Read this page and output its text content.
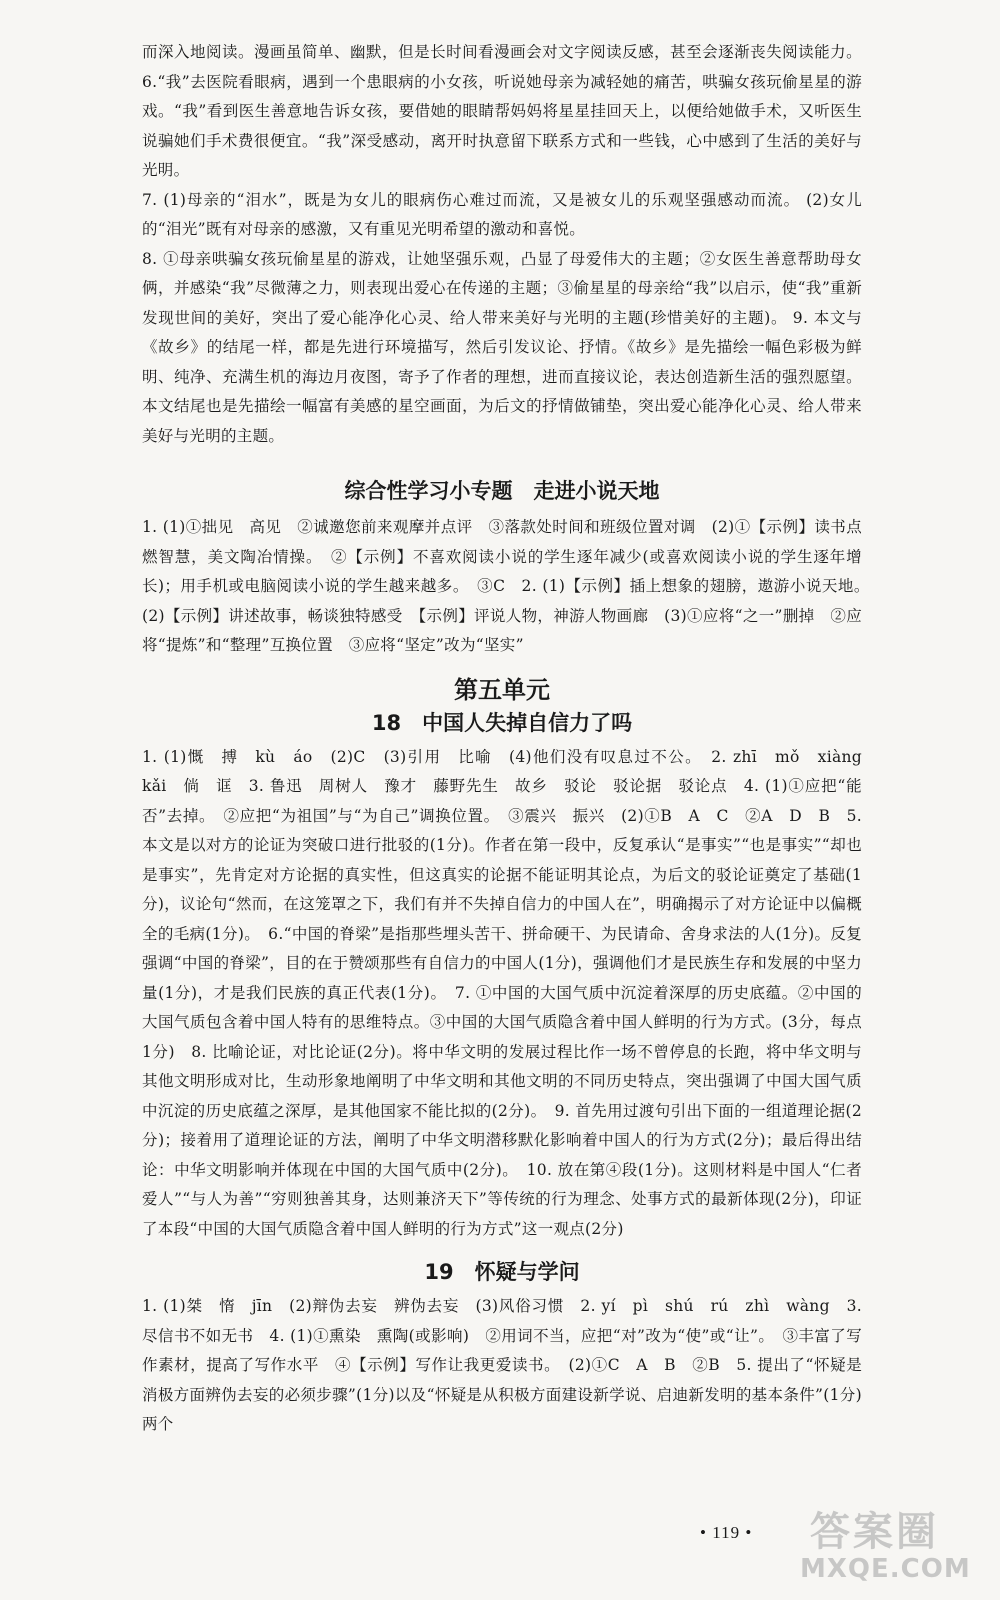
而深入地阅读。漫画虽简单、幽默，但是长时间看漫画会对文字阅读反感，甚至会逐渐丧失阅读能力。 6.“我”去医院看眼病，遇到一个患眼病的小女孩，听说她母亲为减轻她的痛苦，哄骗女孩玩偷星星的游戏。“我”看到医生善意地告诉女孩，要借她的眼睛帮妈妈将星星挂回天上，以便给她做手术，又听医生说骗她们手术费很便宜。“我”深受感动，离开时执意留下联系方式和一些钱，心中感到了生活的美好与光明。

7. (1)母亲的“泪水”，既是为女儿的眼病伤心难过而流，又是被女儿的乐观坚强感动而流。 (2)女儿的“泪光”既有对母亲的感激，又有重见光明希望的激动和喜悦。

8. ①母亲哄骗女孩玩偷星星的游戏，让她坚强乐观，凸显了母爱伟大的主题；②女医生善意帮助母女俩，并感染“我”尽微薄之力，则表现出爱心在传递的主题；③偷星星的母亲给“我”以启示，使“我”重新发现世间的美好，突出了爱心能净化心灵、给人带来美好与光明的主题(珍惜美好的主题)。 9. 本文与《故乡》的结尾一样，都是先进行环境描写，然后引发议论、抒情。《故乡》是先描绘一幅色彩极为鲜明、纯净、充满生机的海边月夜图，寄予了作者的理想，进而直接议论，表达创造新生活的强烈愿望。本文结尾也是先描绘一幅富有美感的星空画面，为后文的抒情做铺垫，突出爱心能净化心灵、给人带来美好与光明的主题。

综合性学习小专题　走进小说天地

1. (1)①拙见　高见　②诚邀您前来观摩并点评　③落款处时间和班级位置对调　(2)①【示例】读书点燃智慧，美文陶冶情操。　②【示例】不喜欢阅读小说的学生逐年减少(或喜欢阅读小说的学生逐年增长)；用手机或电脑阅读小说的学生越来越多。　③C　2. (1)【示例】插上想象的翅膀，遨游小说天地。　(2)【示例】讲述故事，畅谈独特感受　【示例】评说人物，神游人物画廊　(3)①应将“之一”删掉　②应将“提炼”和“整理”互换位置　③应将“坚定”改为“坚实”

第五单元
18　中国人失掉自信力了吗

1. (1)慨　搏　kù　áo　(2)C　(3)引用　比喻　(4)他们没有叹息过不公。　2. zhī　mǒ　xiàng　kǎi　倘　诓　3. 鲁迅　周树人　豫才　藤野先生　故乡　驳论　驳论据　驳论点　4. (1)①应把“能否”去掉。　②应把“为祖国”与“为自己”调换位置。　③震兴　振兴　(2)①B　A　C　②A　D　B　5. 本文是以对方的论证为突破口进行批驳的(1分)。作者在第一段中，反复承认“是事实”“也是事实”“却也是事实”，先肯定对方论据的真实性，但这真实的论据不能证明其论点，为后文的驳论证奠定了基础(1分)，议论句“然而，在这笼罩之下，我们有并不失掉自信力的中国人在”，明确揭示了对方论证中以偏概全的毛病(1分)。　6.“中国的脊梁”是指那些埋头苦干、拼命硬干、为民请命、舍身求法的人(1分)。反复强调“中国的脊梁”，目的在于赞颂那些有自信力的中国人(1分)，强调他们才是民族生存和发展的中坚力量(1分)，才是我们民族的真正代表(1分)。　7. ①中国的大国气质中沉淀着深厚的历史底蕴。②中国的大国气质包含着中国人特有的思维特点。③中国的大国气质隐含着中国人鲜明的行为方式。(3分，每点1分)　8. 比喻论证，对比论证(2分)。将中华文明的发展过程比作一场不曾停息的长跑，将中华文明与其他文明形成对比，生动形象地阐明了中华文明和其他文明的不同历史特点，突出强调了中国大国气质中沉淀的历史底蕴之深厚，是其他国家不能比拟的(2分)。　9. 首先用过渡句引出下面的一组道理论据(2分)；接着用了道理论证的方法，阐明了中华文明潜移默化影响着中国人的行为方式(2分)；最后得出结论：中华文明影响并体现在中国的大国气质中(2分)。　10. 放在第④段(1分)。这则材料是中国人“仁者爱人”“与人为善”“穷则独善其身，达则兼济天下”等传统的行为理念、处事方式的最新体现(2分)，印证了本段“中国的大国气质隐含着中国人鲜明的行为方式”这一观点(2分)

19　怀疑与学问

1. (1)桀　惰　jīn　(2)辩伪去妄　辨伪去妄　(3)风俗习惯　2. yí　pì　shú　rú　zhì　wàng　3. 尽信书不如无书　4. (1)①熏染　熏陶(或影响)　②用词不当，应把“对”改为“使”或“让”。　③丰富了写作素材，提高了写作水平　④【示例】写作让我更爱读书。　(2)①C　A　B　②B　5. 提出了“怀疑是消极方面辨伪去妄的必须步骤”(1分)以及“怀疑是从积极方面建设新学说、启迪新发明的基本条件”(1分)两个

• 119 • 答案圈
MXQE.COM
